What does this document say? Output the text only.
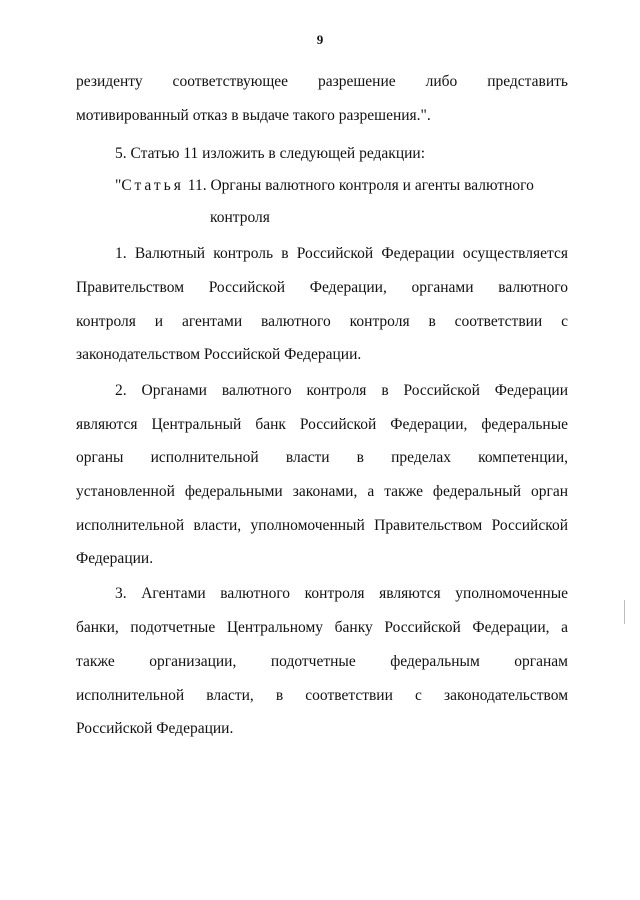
9
резиденту соответствующее разрешение либо представить
мотивированный отказ в выдаче такого разрешения.".
5. Статью 11 изложить в следующей редакции:
"Статья 11. Органы валютного контроля и агенты валютного
контроля
1. Валютный контроль в Российской Федерации осуществляется
Правительством Российской Федерации, органами валютного
контроля и агентами валютного контроля в соответствии с
законодательством Российской Федерации.
2. Органами валютного контроля в Российской Федерации
являются Центральный банк Российской Федерации, федеральные
органы исполнительной власти в пределах компетенции,
установленной федеральными законами, а также федеральный орган
исполнительной власти, уполномоченный Правительством Российской
Федерации.
3. Агентами валютного контроля являются уполномоченные
банки, подотчетные Центральному банку Российской Федерации, а
также организации, подотчетные федеральным органам
исполнительной власти, в соответствии с законодательством
Российской Федерации.
